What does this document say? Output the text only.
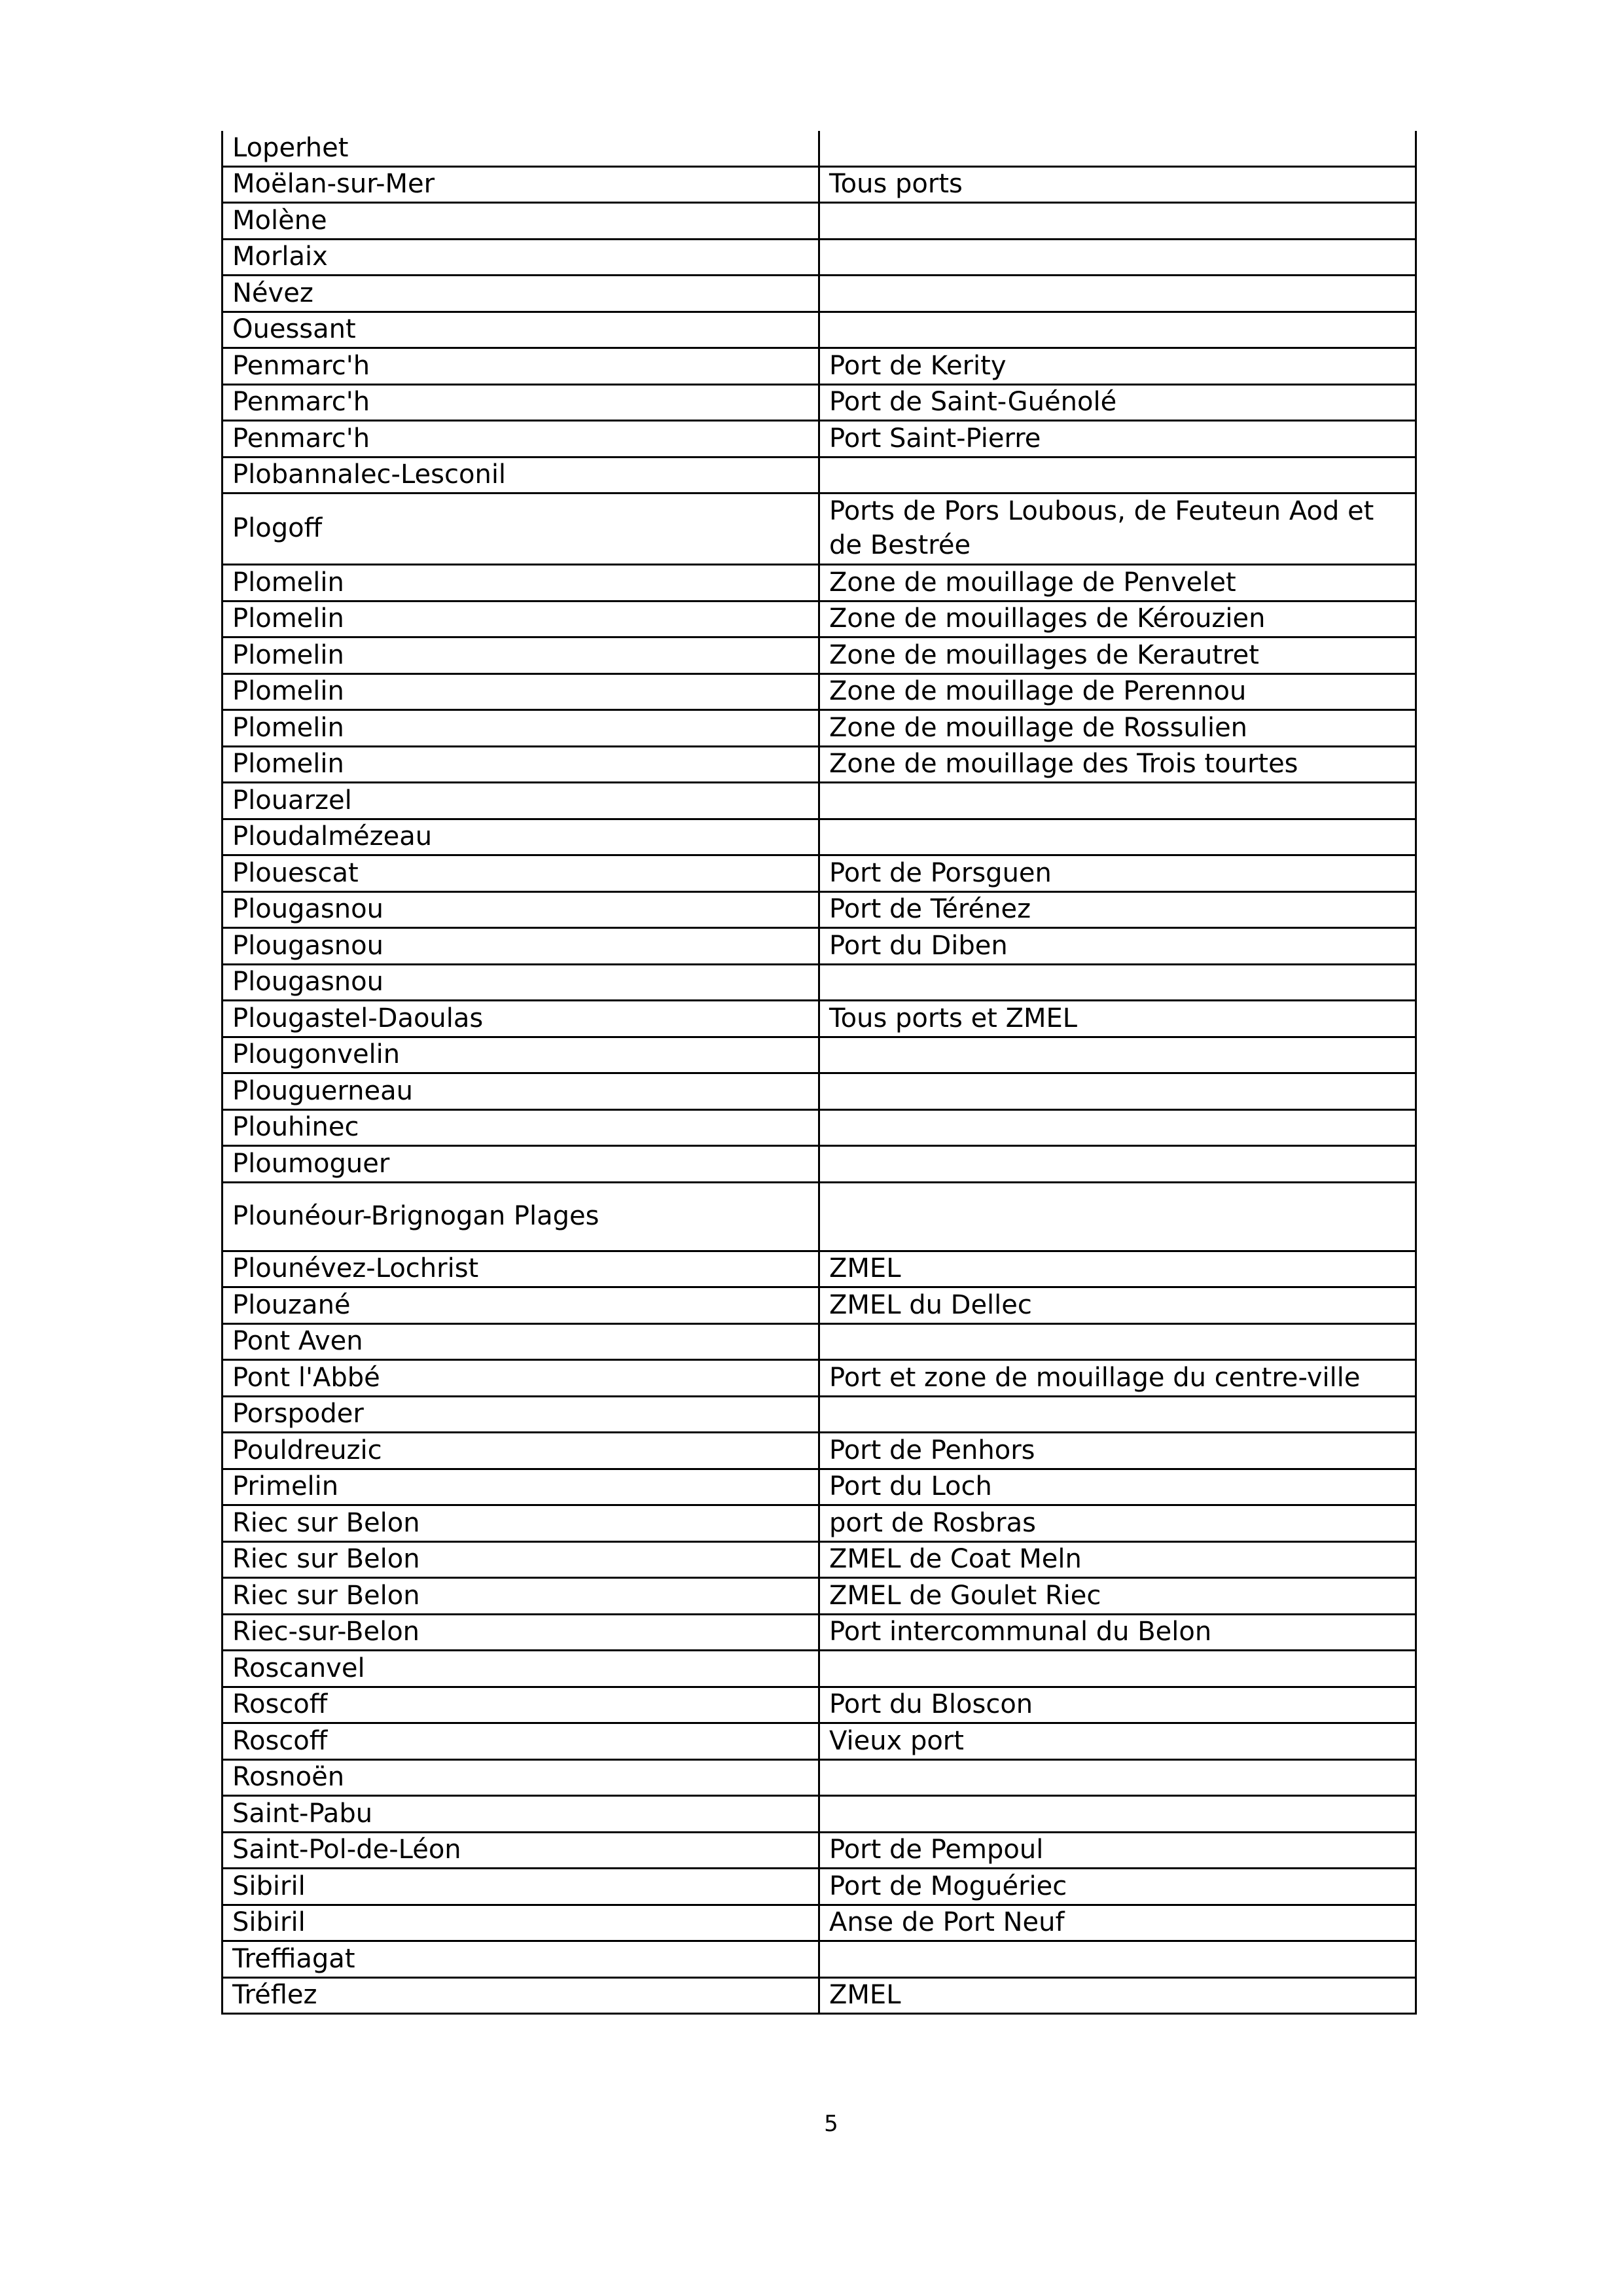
Loperhet	
Moëlan-sur-Mer	Tous ports
Molène	
Morlaix	
Névez	
Ouessant	
Penmarc'h	Port de Kerity
Penmarc'h	Port de Saint-Guénolé
Penmarc'h	Port Saint-Pierre
Plobannalec-Lesconil	
Plogoff	Ports de Pors Loubous, de Feuteun Aod et de Bestrée
Plomelin	Zone de mouillage de Penvelet
Plomelin	Zone de mouillages de Kérouzien
Plomelin	Zone de mouillages de Kerautret
Plomelin	Zone de mouillage de Perennou
Plomelin	Zone de mouillage de Rossulien
Plomelin	Zone de mouillage des Trois tourtes
Plouarzel	
Ploudalmézeau	
Plouescat	Port de Porsguen
Plougasnou	Port de Térénez
Plougasnou	Port du Diben
Plougasnou	
Plougastel-Daoulas	Tous ports et ZMEL
Plougonvelin	
Plouguerneau	
Plouhinec	
Ploumoguer	
Plounéour-Brignogan Plages	
Plounévez-Lochrist	ZMEL
Plouzané	ZMEL du Dellec
Pont Aven	
Pont l'Abbé	Port et zone de mouillage du centre-ville
Porspoder	
Pouldreuzic	Port de Penhors
Primelin	Port du Loch
Riec sur Belon	port de Rosbras
Riec sur Belon	ZMEL de Coat Meln
Riec sur Belon	ZMEL de Goulet Riec
Riec-sur-Belon	Port intercommunal du Belon
Roscanvel	
Roscoff	Port du Bloscon
Roscoff	Vieux port
Rosnoën	
Saint-Pabu	
Saint-Pol-de-Léon	Port de Pempoul
Sibiril	Port de Moguériec
Sibiril	Anse de Port Neuf
Treffiagat	
Tréflez	ZMEL
5
